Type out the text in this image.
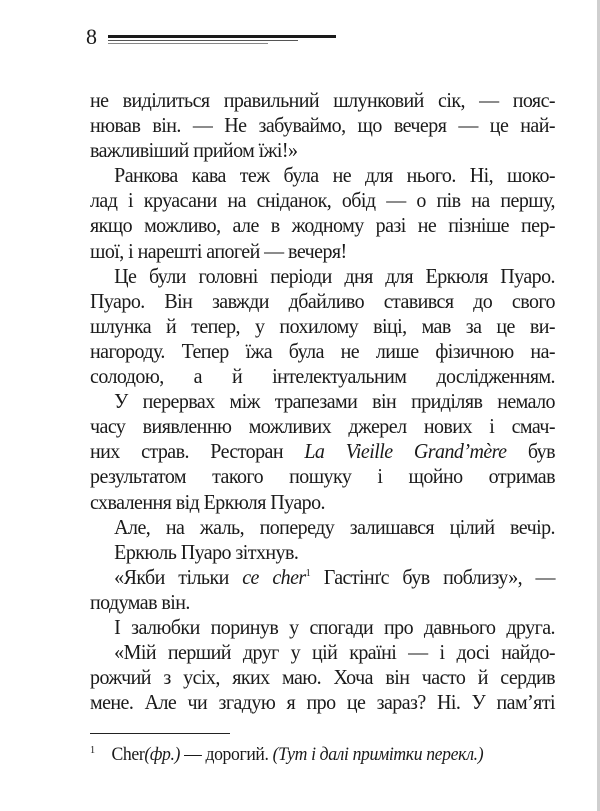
8
не виділиться правильний шлунковий сік, — пояс-
нював він. — Не забуваймо, що вечеря — це най-
важливіший прийом їжі!»
Ранкова кава теж була не для нього. Ні, шоко-
лад і круасани на сніданок, обід — о пів на першу,
якщо можливо, але в жодному разі не пізніше пер-
шої, і нарешті апогей — вечеря!
Це були головні періоди дня для Еркюля Пуаро.
Пуаро. Він завжди дбайливо ставився до свого
шлунка й тепер, у похилому віці, мав за це ви-
нагороду. Тепер їжа була не лише фізичною на-
солодою, а й інтелектуальним дослідженням.
У перервах між трапезами він приділяв немало
часу виявленню можливих джерел нових і смач-
них страв. Ресторан La Vieille Grand’mère був
результатом такого пошуку і щойно отримав
схвалення від Еркюля Пуаро.
Але, на жаль, попереду залишався цілий вечір.
Еркюль Пуаро зітхнув.
«Якби тільки ce cher$^1$ Гастінґс був поблизу», —
подумав він.
І залюбки поринув у спогади про давнього друга.
«Мій перший друг у цій країні — і досі найдо-
рожчий з усіх, яких маю. Хоча він часто й сердив
мене. Але чи згадую я про це зараз? Ні. У пам’яті
$^1$ Cher(фр.) — дорогий. (Тут і далі примітки перекл.)
